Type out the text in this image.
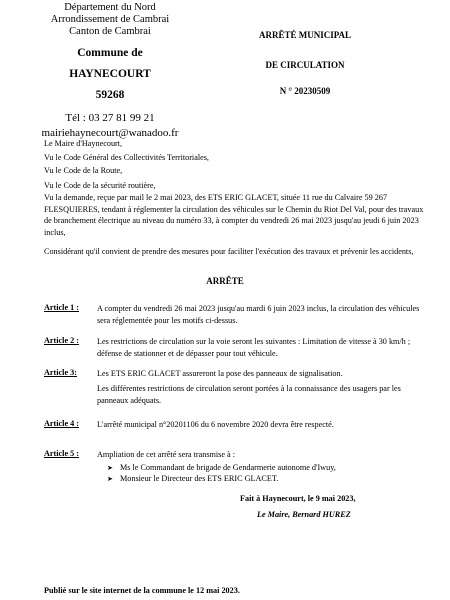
Département du Nord
Arrondissement de Cambrai
Canton de Cambrai
Commune de
HAYNECOURT
59268
Tél : 03 27 81 99 21
mairiehaynecourt@wanadoo.fr
ARRÊTÉ MUNICIPAL
DE CIRCULATION
N ° 20230509
Le Maire d'Haynecourt,
Vu le Code Général des Collectivités Territoriales,
Vu le Code de la Route,
Vu le Code de la sécurité routière,
Vu la demande, reçue par mail le 2 mai 2023, des ETS ERIC GLACET, située 11 rue du Calvaire 59 267 FLESQUIERES, tendant à réglementer la circulation des véhicules sur le Chemin du Riot Del Val, pour des travaux de branchement électrique au niveau du numéro 33, à compter du vendredi 26 mai 2023 jusqu'au jeudi 6 juin 2023 inclus,
Considérant qu'il convient de prendre des mesures pour faciliter l'exécution des travaux et prévenir les accidents,
ARRÊTE
Article 1 : A compter du vendredi 26 mai 2023 jusqu'au mardi 6 juin 2023 inclus, la circulation des véhicules sera réglementée pour les motifs ci-dessus.
Article 2 : Les restrictions de circulation sur la voie seront les suivantes : Limitation de vitesse à 30 km/h ; défense de stationner et de dépasser pour tout véhicule.
Article 3: Les ETS ERIC GLACET assureront la pose des panneaux de signalisation.
Les différentes restrictions de circulation seront portées à la connaissance des usagers par les panneaux adéquats.
Article 4 : L'arrêté municipal n°20201106 du 6 novembre 2020 devra être respecté.
Article 5 : Ampliation de cet arrêté sera transmise à :
➤ Ms le Commandant de brigade de Gendarmerie autonome d'Iwuy,
➤ Monsieur le Directeur des ETS ERIC GLACET.
Fait à Haynecourt, le 9 mai 2023,
Le Maire, Bernard HUREZ
Publié sur le site internet de la commune le 12 mai 2023.
